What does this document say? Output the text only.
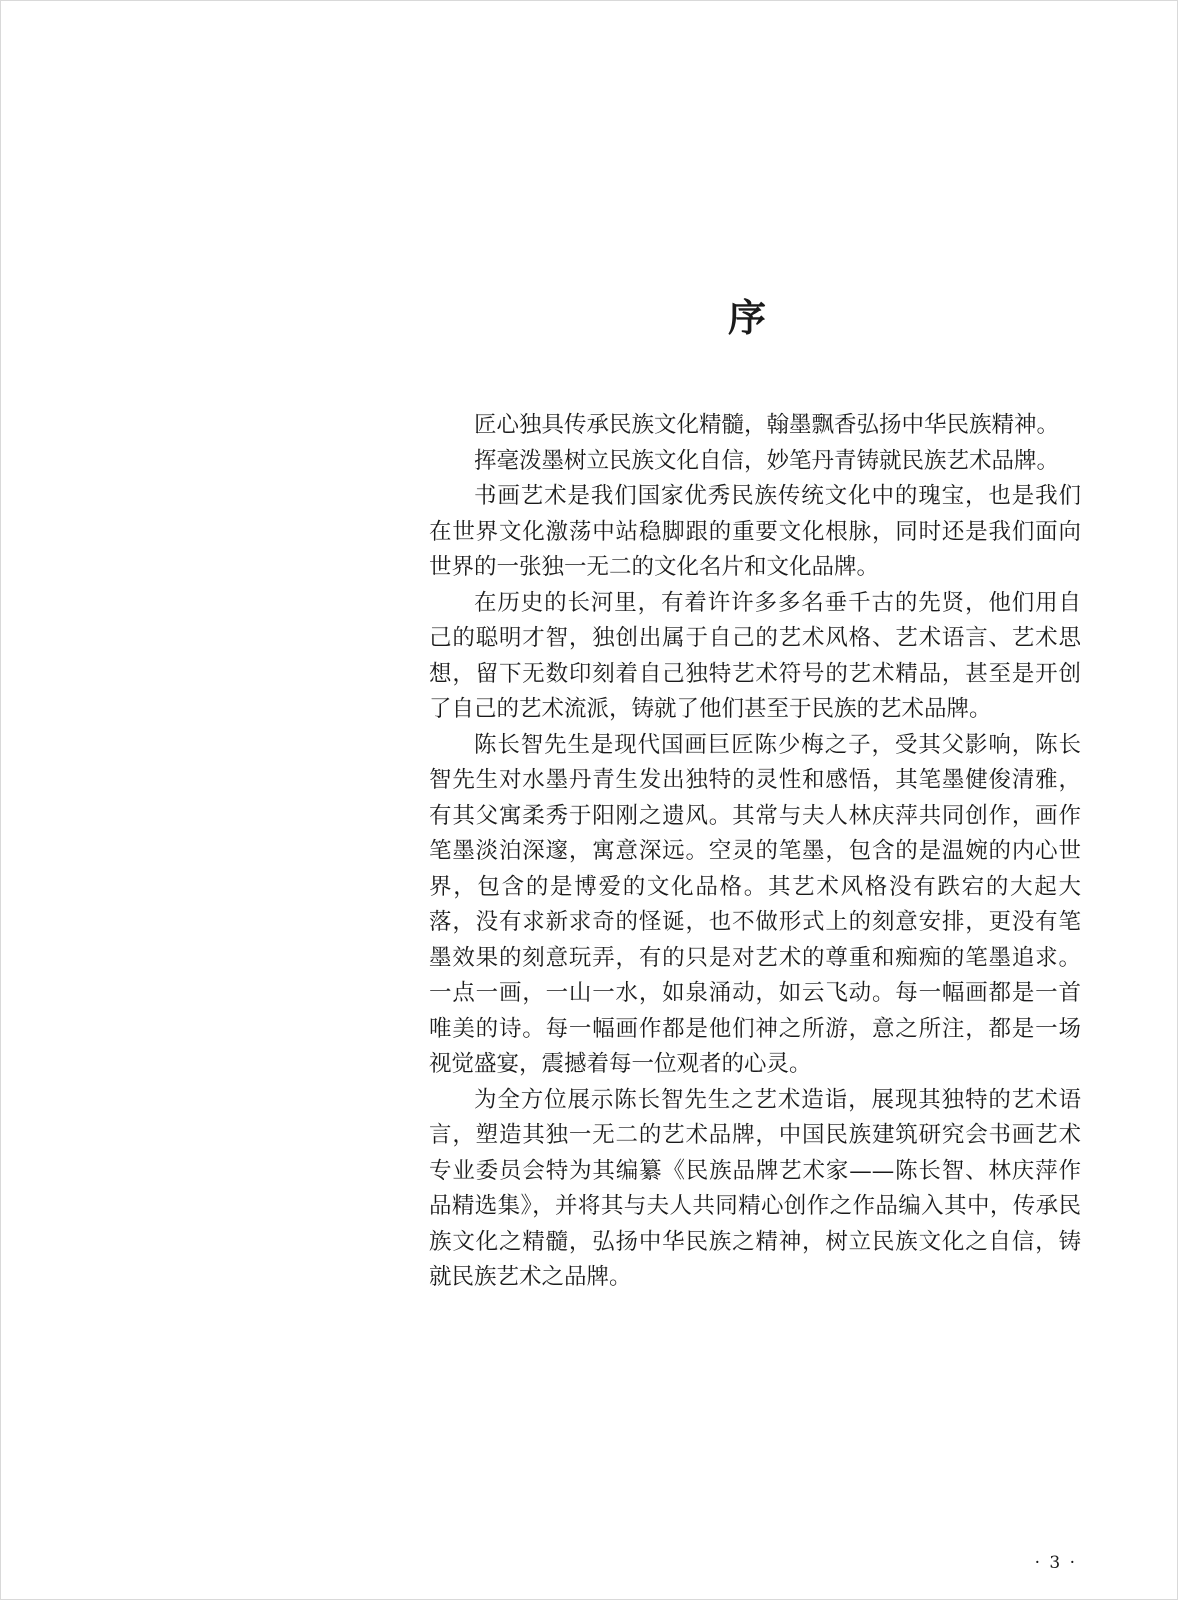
序

匠心独具传承民族文化精髓，翰墨飘香弘扬中华民族精神。

挥毫泼墨树立民族文化自信，妙笔丹青铸就民族艺术品牌。

书画艺术是我们国家优秀民族传统文化中的瑰宝，也是我们在世界文化激荡中站稳脚跟的重要文化根脉，同时还是我们面向世界的一张独一无二的文化名片和文化品牌。

在历史的长河里，有着许许多多名垂千古的先贤，他们用自己的聪明才智，独创出属于自己的艺术风格、艺术语言、艺术思想，留下无数印刻着自己独特艺术符号的艺术精品，甚至是开创了自己的艺术流派，铸就了他们甚至于民族的艺术品牌。

陈长智先生是现代国画巨匠陈少梅之子，受其父影响，陈长智先生对水墨丹青生发出独特的灵性和感悟，其笔墨健俊清雅，有其父寓柔秀于阳刚之遗风。其常与夫人林庆萍共同创作，画作笔墨淡泊深邃，寓意深远。空灵的笔墨，包含的是温婉的内心世界，包含的是博爱的文化品格。其艺术风格没有跌宕的大起大落，没有求新求奇的怪诞，也不做形式上的刻意安排，更没有笔墨效果的刻意玩弄，有的只是对艺术的尊重和痴痴的笔墨追求。一点一画，一山一水，如泉涌动，如云飞动。每一幅画都是一首唯美的诗。每一幅画作都是他们神之所游，意之所注，都是一场视觉盛宴，震撼着每一位观者的心灵。

为全方位展示陈长智先生之艺术造诣，展现其独特的艺术语言，塑造其独一无二的艺术品牌，中国民族建筑研究会书画艺术专业委员会特为其编纂《民族品牌艺术家——陈长智、林庆萍作品精选集》，并将其与夫人共同精心创作之作品编入其中，传承民族文化之精髓，弘扬中华民族之精神，树立民族文化之自信，铸就民族艺术之品牌。

· 3 ·
